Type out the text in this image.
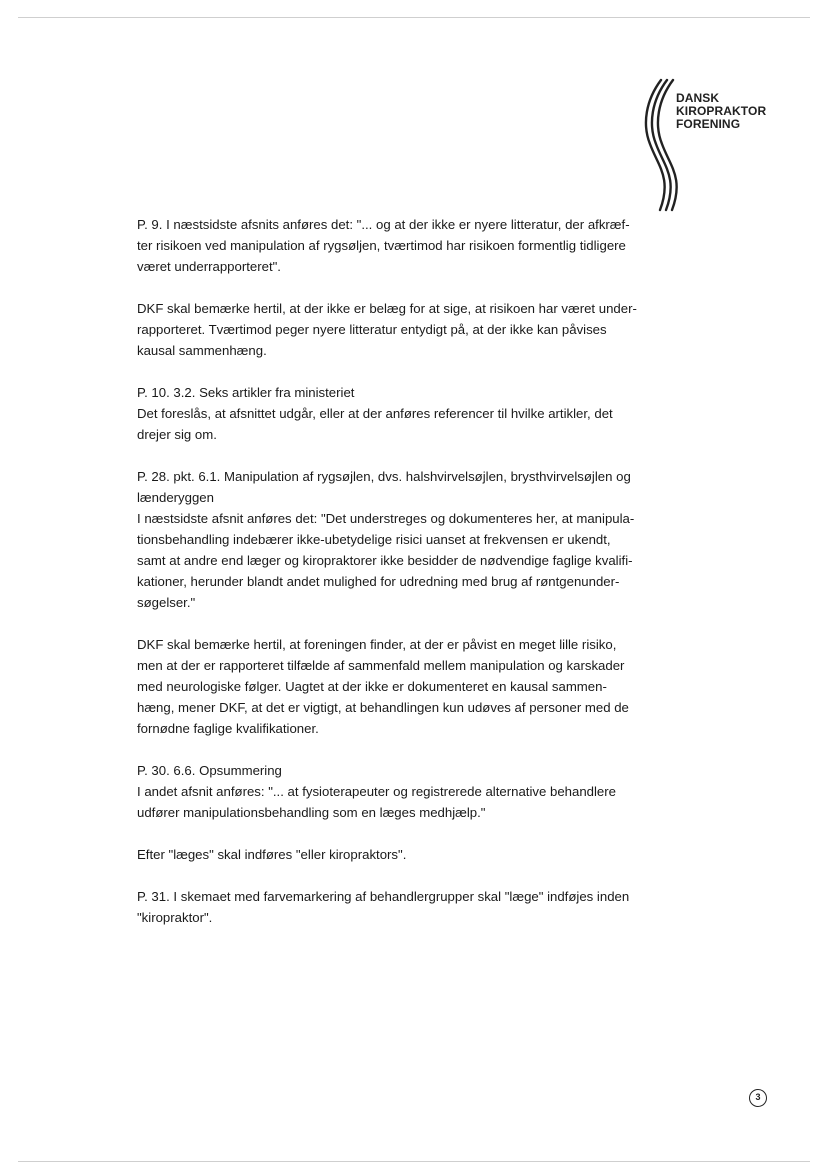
DANSK
KIROPRAKTOR
FORENING

P. 9. I næstsidste afsnits anføres det: "... og at der ikke er nyere litteratur, der afkræf-
ter risikoen ved manipulation af rygsøljen, tværtimod har risikoen formentlig tidligere
været underrapporteret".

DKF skal bemærke hertil, at der ikke er belæg for at sige, at risikoen har været under-
rapporteret. Tværtimod peger nyere litteratur entydigt på, at der ikke kan påvises
kausal sammenhæng.

P. 10. 3.2. Seks artikler fra ministeriet
Det foreslås, at afsnittet udgår, eller at der anføres referencer til hvilke artikler, det
drejer sig om.

P. 28. pkt. 6.1. Manipulation af rygsøjlen, dvs. halshvirvelsøjlen, brysthvirvelsøjlen og
lænderyggen
I næstsidste afsnit anføres det: "Det understreges og dokumenteres her, at manipula-
tionsbehandling indebærer ikke-ubetydelige risici uanset at frekvensen er ukendt,
samt at andre end læger og kiropraktorer ikke besidder de nødvendige faglige kvalifi-
kationer, herunder blandt andet mulighed for udredning med brug af røntgenunder-
søgelser."

DKF skal bemærke hertil, at foreningen finder, at der er påvist en meget lille risiko,
men at der er rapporteret tilfælde af sammenfald mellem manipulation og karskader
med neurologiske følger. Uagtet at der ikke er dokumenteret en kausal sammen-
hæng, mener DKF, at det er vigtigt, at behandlingen kun udøves af personer med de
fornødne faglige kvalifikationer.

P. 30. 6.6. Opsummering
I andet afsnit anføres: "... at fysioterapeuter og registrerede alternative behandlere
udfører manipulationsbehandling som en læges medhjælp."

Efter "læges" skal indføres "eller kiropraktors".

P. 31. I skemaet med farvemarkering af behandlergrupper skal "læge" indføjes inden
"kiropraktor".

3
